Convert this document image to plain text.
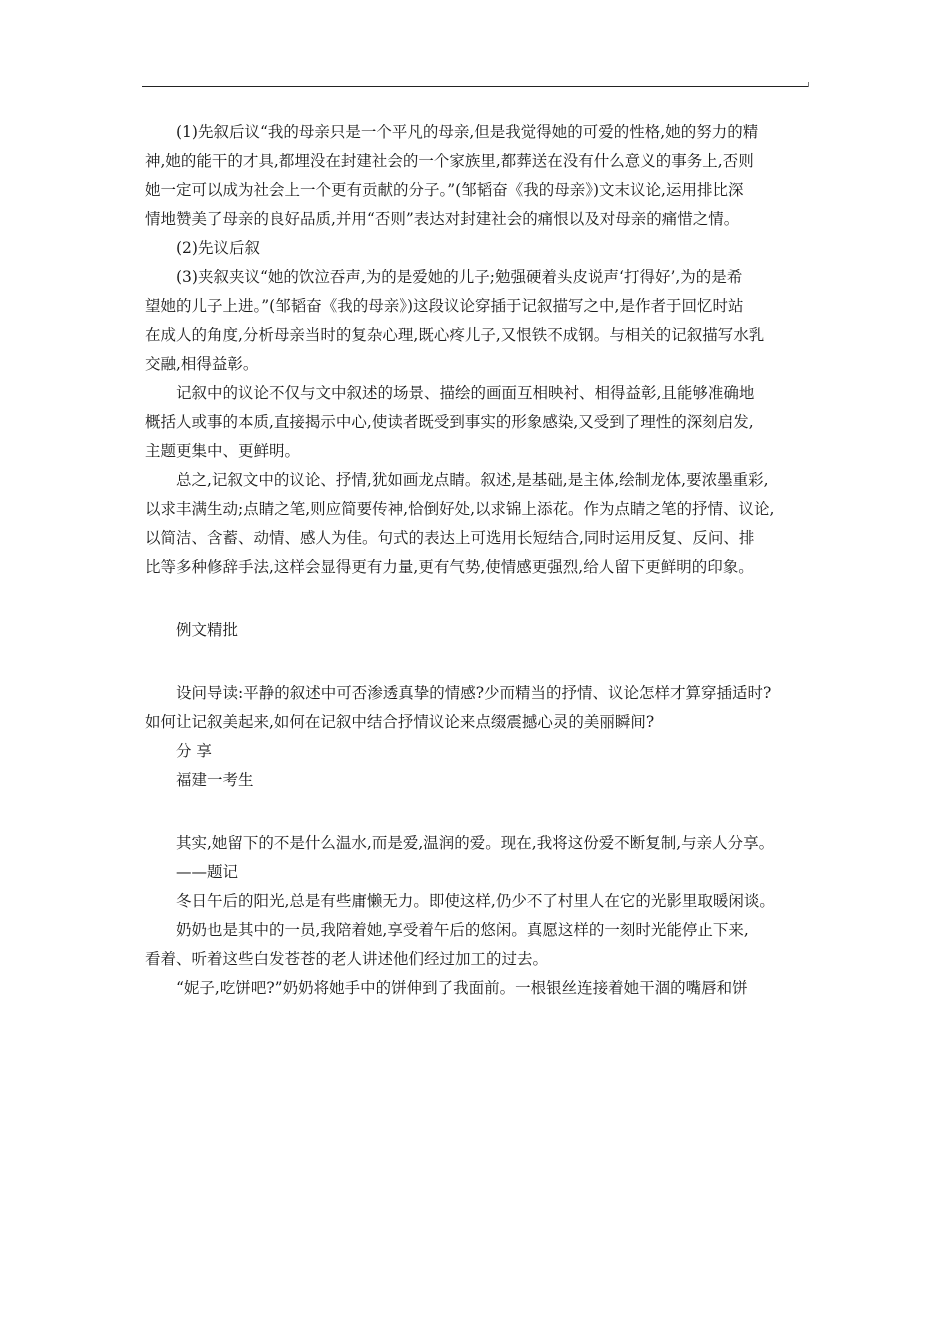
(1)先叙后议“我的母亲只是一个平凡的母亲,但是我觉得她的可爱的性格,她的努力的精
神,她的能干的才具,都埋没在封建社会的一个家族里,都葬送在没有什么意义的事务上,否则
她一定可以成为社会上一个更有贡献的分子。”(邹韬奋《我的母亲》)文末议论,运用排比深
情地赞美了母亲的良好品质,并用“否则”表达对封建社会的痛恨以及对母亲的痛惜之情。
(2)先议后叙
(3)夹叙夹议“她的饮泣吞声,为的是爱她的儿子;勉强硬着头皮说声‘打得好’,为的是希
望她的儿子上进。”(邹韬奋《我的母亲》)这段议论穿插于记叙描写之中,是作者于回忆时站
在成人的角度,分析母亲当时的复杂心理,既心疼儿子,又恨铁不成钢。与相关的记叙描写水乳
交融,相得益彰。
记叙中的议论不仅与文中叙述的场景、描绘的画面互相映衬、相得益彰,且能够准确地
概括人或事的本质,直接揭示中心,使读者既受到事实的形象感染,又受到了理性的深刻启发,
主题更集中、更鲜明。
总之,记叙文中的议论、抒情,犹如画龙点睛。叙述,是基础,是主体,绘制龙体,要浓墨重彩,
以求丰满生动;点睛之笔,则应简要传神,恰倒好处,以求锦上添花。作为点睛之笔的抒情、议论,
以简洁、含蓄、动情、感人为佳。句式的表达上可选用长短结合,同时运用反复、反问、排
比等多种修辞手法,这样会显得更有力量,更有气势,使情感更强烈,给人留下更鲜明的印象。
例文精批
设问导读:平静的叙述中可否渗透真挚的情感?少而精当的抒情、议论怎样才算穿插适时?
如何让记叙美起来,如何在记叙中结合抒情议论来点缀震撼心灵的美丽瞬间?
分 享
福建一考生
其实,她留下的不是什么温水,而是爱,温润的爱。现在,我将这份爱不断复制,与亲人分享。
——题记
冬日午后的阳光,总是有些庸懒无力。即使这样,仍少不了村里人在它的光影里取暖闲谈。
奶奶也是其中的一员,我陪着她,享受着午后的悠闲。真愿这样的一刻时光能停止下来,
看着、听着这些白发苍苍的老人讲述他们经过加工的过去。
“妮子,吃饼吧?”奶奶将她手中的饼伸到了我面前。一根银丝连接着她干涸的嘴唇和饼
